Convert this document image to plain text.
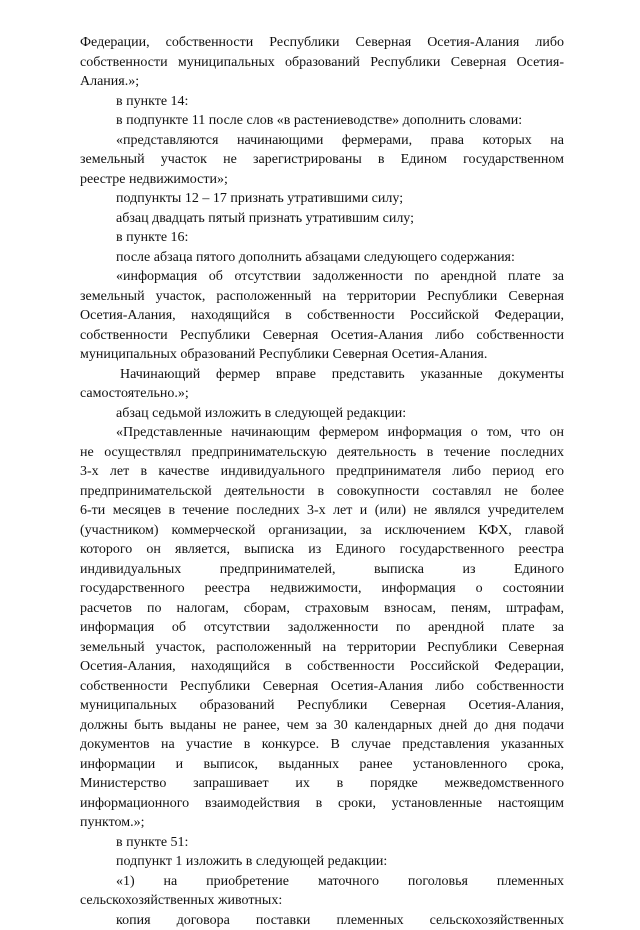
Федерации, собственности Республики Северная Осетия-Алания либо
собственности муниципальных образований Республики Северная Осетия-
Алания.»;
в пункте 14:
в подпункте 11 после слов «в растениеводстве» дополнить словами:
«представляются начинающими фермерами, права которых на
земельный участок не зарегистрированы в Едином государственном
реестре недвижимости»;
подпункты 12 – 17 признать утратившими силу;
абзац двадцать пятый признать утратившим силу;
в пункте 16:
после абзаца пятого дополнить абзацами следующего содержания:
«информация об отсутствии задолженности по арендной плате за
земельный участок, расположенный на территории Республики Северная
Осетия-Алания, находящийся в собственности Российской Федерации,
собственности Республики Северная Осетия-Алания либо собственности
муниципальных образований Республики Северная Осетия-Алания.
Начинающий фермер вправе представить указанные документы
самостоятельно.»;
абзац седьмой изложить в следующей редакции:
«Представленные начинающим фермером информация о том, что он
не осуществлял предпринимательскую деятельность в течение последних
3-х лет в качестве индивидуального предпринимателя либо период его
предпринимательской деятельности в совокупности составлял не более
6-ти месяцев в течение последних 3-х лет и (или) не являлся учредителем
(участником) коммерческой организации, за исключением КФХ, главой
которого он является, выписка из Единого государственного реестра
индивидуальных предпринимателей, выписка из Единого
государственного реестра недвижимости, информация о состоянии
расчетов по налогам, сборам, страховым взносам, пеням, штрафам,
информация об отсутствии задолженности по арендной плате за
земельный участок, расположенный на территории Республики Северная
Осетия-Алания, находящийся в собственности Российской Федерации,
собственности Республики Северная Осетия-Алания либо собственности
муниципальных образований Республики Северная Осетия-Алания,
должны быть выданы не ранее, чем за 30 календарных дней до дня подачи
документов на участие в конкурсе. В случае представления указанных
информации и выписок, выданных ранее установленного срока,
Министерство запрашивает их в порядке межведомственного
информационного взаимодействия в сроки, установленные настоящим
пунктом.»;
в пункте 51:
подпункт 1 изложить в следующей редакции:
«1) на приобретение маточного поголовья племенных
сельскохозяйственных животных:
копия договора поставки племенных сельскохозяйственных
